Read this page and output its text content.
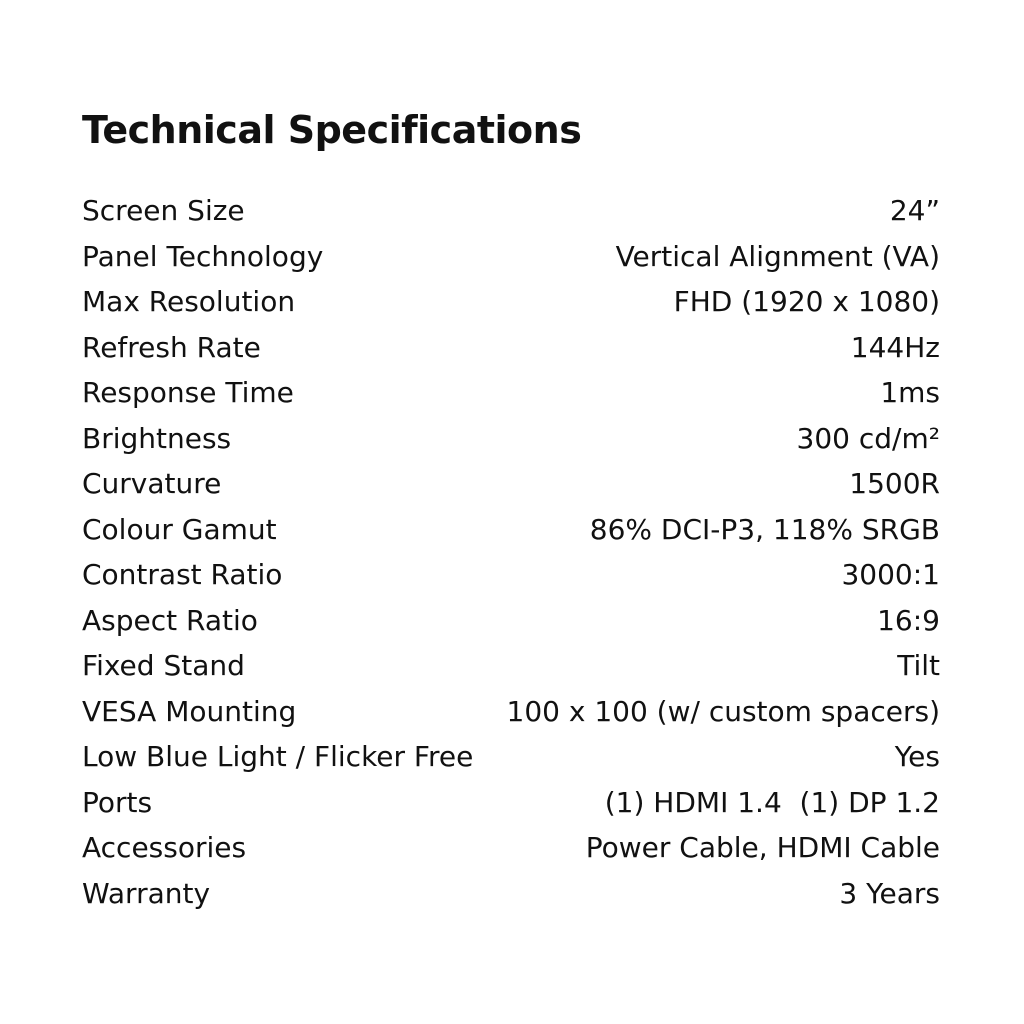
Technical Specifications
Screen Size	24”
Panel Technology	Vertical Alignment (VA)
Max Resolution	FHD (1920 x 1080)
Refresh Rate	144Hz
Response Time	1ms
Brightness	300 cd/m²
Curvature	1500R
Colour Gamut	86% DCI-P3, 118% SRGB
Contrast Ratio	3000:1
Aspect Ratio	16:9
Fixed Stand	Tilt
VESA Mounting	100 x 100 (w/ custom spacers)
Low Blue Light / Flicker Free	Yes
Ports	(1) HDMI 1.4  (1) DP 1.2
Accessories	Power Cable, HDMI Cable
Warranty	3 Years
